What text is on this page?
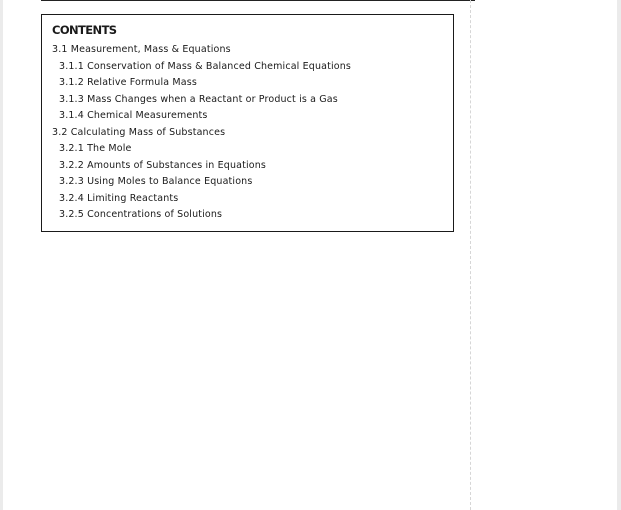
CONTENTS
3.1 Measurement, Mass & Equations
3.1.1 Conservation of Mass & Balanced Chemical Equations
3.1.2 Relative Formula Mass
3.1.3 Mass Changes when a Reactant or Product is a Gas
3.1.4 Chemical Measurements
3.2 Calculating Mass of Substances
3.2.1 The Mole
3.2.2 Amounts of Substances in Equations
3.2.3 Using Moles to Balance Equations
3.2.4 Limiting Reactants
3.2.5 Concentrations of Solutions
